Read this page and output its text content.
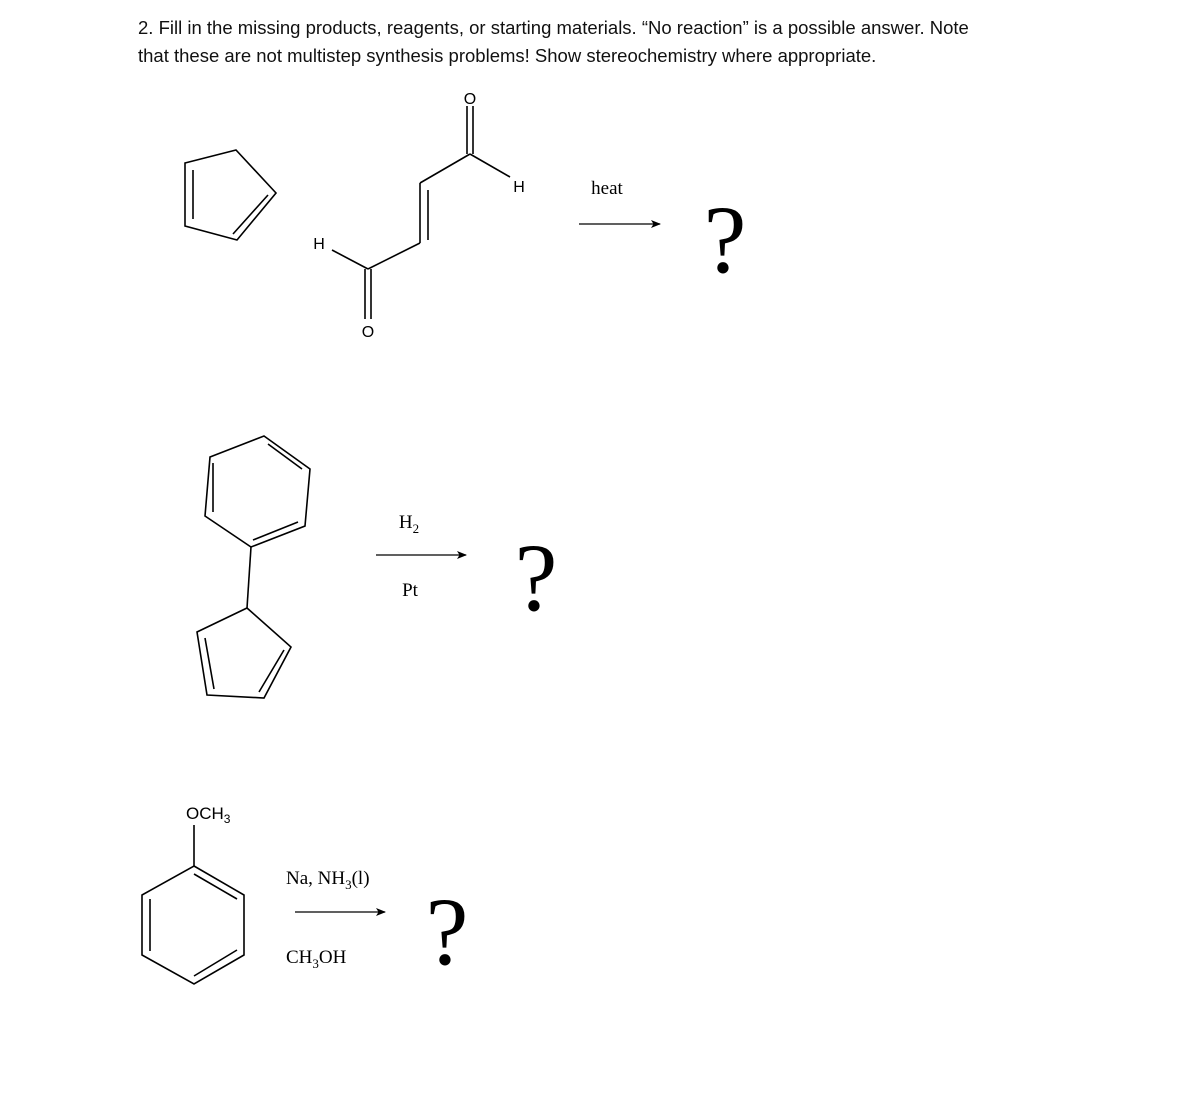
2. Fill in the missing products, reagents, or starting materials. “No reaction” is a possible answer. Note

that these are not multistep synthesis problems! Show stereochemistry where appropriate.

O
H
H
O
heat ?
$H_2$
Pt ?
$OCH_3$
Na, $NH_3(l)$
$CH_3OH$ ?
